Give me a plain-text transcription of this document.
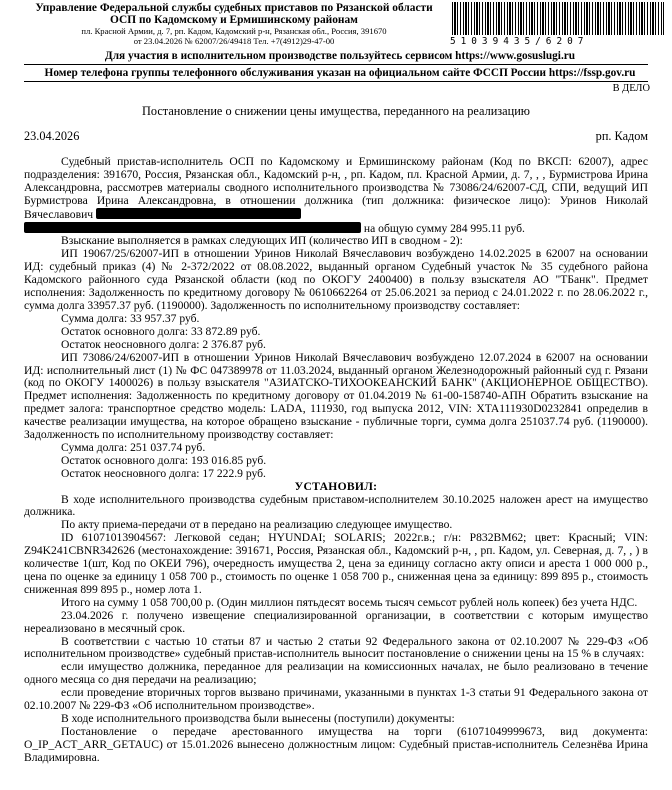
Управление Федеральной службы судебных приставов по Рязанской области
ОСП по Кадомскому и Ермишинскому районам
пл. Красной Армии, д. 7, рп. Кадом, Кадомский р-н, Рязанская обл., Россия, 391670
от 23.04.2026 № 62007/26/49418 Тел. +7(4912)29-47-00	51039435/6207
Для участия в исполнительном производстве пользуйтесь сервисом https://www.gosuslugi.ru
Номер телефона группы телефонного обслуживания указан на официальном сайте ФССП России https://fssp.gov.ru
В ДЕЛО
Постановление о снижении цены имущества, переданного на реализацию
23.04.2026	рп. Кадом

Судебный пристав-исполнитель ОСП по Кадомскому и Ермишинскому районам (Код по ВКСП: 62007), адрес подразделения: 391670, Россия, Рязанская обл., Кадомский р-н, , рп. Кадом, пл. Красной Армии, д. 7, , , Бурмистрова Ирина Александровна, рассмотрев материалы сводного исполнительного производства № 73086/24/62007-СД, СПИ, ведущий ИП Бурмистрова Ирина Александровна, в отношении должника (тип должника: физическое лицо): Уринов Николай Вячеславович
на общую сумму 284 995.11 руб.

Взыскание выполняется в рамках следующих ИП (количество ИП в сводном - 2):

ИП 19067/25/62007-ИП в отношении Уринов Николай Вячеславович возбуждено 14.02.2025 в 62007 на основании ИД: судебный приказ (4) № 2-372/2022 от 08.08.2022, выданный органом Судебный участок № 35 судебного района Кадомского районного суда Рязанской области (код по ОКОГУ 2400400) в пользу взыскателя АО "ТБанк". Предмет исполнения: Задолженность по кредитному договору № 0610662264 от 25.06.2021 за период с 24.01.2022 г. по 28.06.2022 г., сумма долга 33957.37 руб. (1190000). Задолженность по исполнительному производству составляет:

Сумма долга: 33 957.37 руб.

Остаток основного долга: 33 872.89 руб.

Остаток неосновного долга: 2 376.87 руб.

ИП 73086/24/62007-ИП в отношении Уринов Николай Вячеславович возбуждено 12.07.2024 в 62007 на основании ИД: исполнительный лист (1) № ФС 047389978 от 11.03.2024, выданный органом Железнодорожный районный суд г. Рязани (код по ОКОГУ 1400026) в пользу взыскателя "АЗИАТСКО-ТИХООКЕАНСКИЙ БАНК" (АКЦИОНЕРНОЕ ОБЩЕСТВО). Предмет исполнения: Задолженность по кредитному договору от 01.04.2019 № 61-00-158740-АПН Обратить взыскание на предмет залога: транспортное средство модель: LADA, 111930, год выпуска 2012, VIN: XTA111930D0232841 определив в качестве реализации имущества, на которое обращено взыскание - публичные торги, сумма долга 251037.74 руб. (1190000). Задолженность по исполнительному производству составляет:

Сумма долга: 251 037.74 руб.

Остаток основного долга: 193 016.85 руб.

Остаток неосновного долга: 17 222.9 руб.

УСТАНОВИЛ:

В ходе исполнительного производства судебным приставом-исполнителем 30.10.2025 наложен арест на имущество должника.

По акту приема-передачи от в передано на реализацию следующее имущество.

ID 61071013904567: Легковой седан; HYUNDAI; SOLARIS; 2022г.в.; г/н: Р832ВМ62; цвет: Красный; VIN: Z94K241CBNR342626 (местонахождение: 391671, Россия, Рязанская обл., Кадомский р-н, , рп. Кадом, ул. Северная, д. 7, , ) в количестве 1(шт, Код по ОКЕИ 796), очередность имущества 2, цена за единицу согласно акту описи и ареста 1 000 000 р., цена по оценке за единицу 1 058 700 р., стоимость по оценке 1 058 700 р., сниженная цена за единицу: 899 895 р., стоимость сниженная 899 895 р., номер лота 1.

Итого на сумму 1 058 700,00 р. (Один миллион пятьдесят восемь тысяч семьсот рублей ноль копеек) без учета НДС.

23.04.2026 г. получено извещение специализированной организации, в соответствии с которым имущество нереализовано в месячный срок.

В соответствии с частью 10 статьи 87 и частью 2 статьи 92 Федерального закона от 02.10.2007 № 229-ФЗ «Об исполнительном производстве» судебный пристав-исполнитель выносит постановление о снижении цены на 15 % в случаях:

если имущество должника, переданное для реализации на комиссионных началах, не было реализовано в течение одного месяца со дня передачи на реализацию;

если проведение вторичных торгов вызвано причинами, указанными в пунктах 1-3 статьи 91 Федерального закона от 02.10.2007 № 229-ФЗ «Об исполнительном производстве».

В ходе исполнительного производства были вынесены (поступили) документы:

Постановление о передаче арестованного имущества на торги (61071049999673, вид документа: O_IP_ACT_ARR_GETAUC) от 15.01.2026 вынесено должностным лицом: Судебный пристав-исполнитель Селезнёва Ирина Владимировна.
